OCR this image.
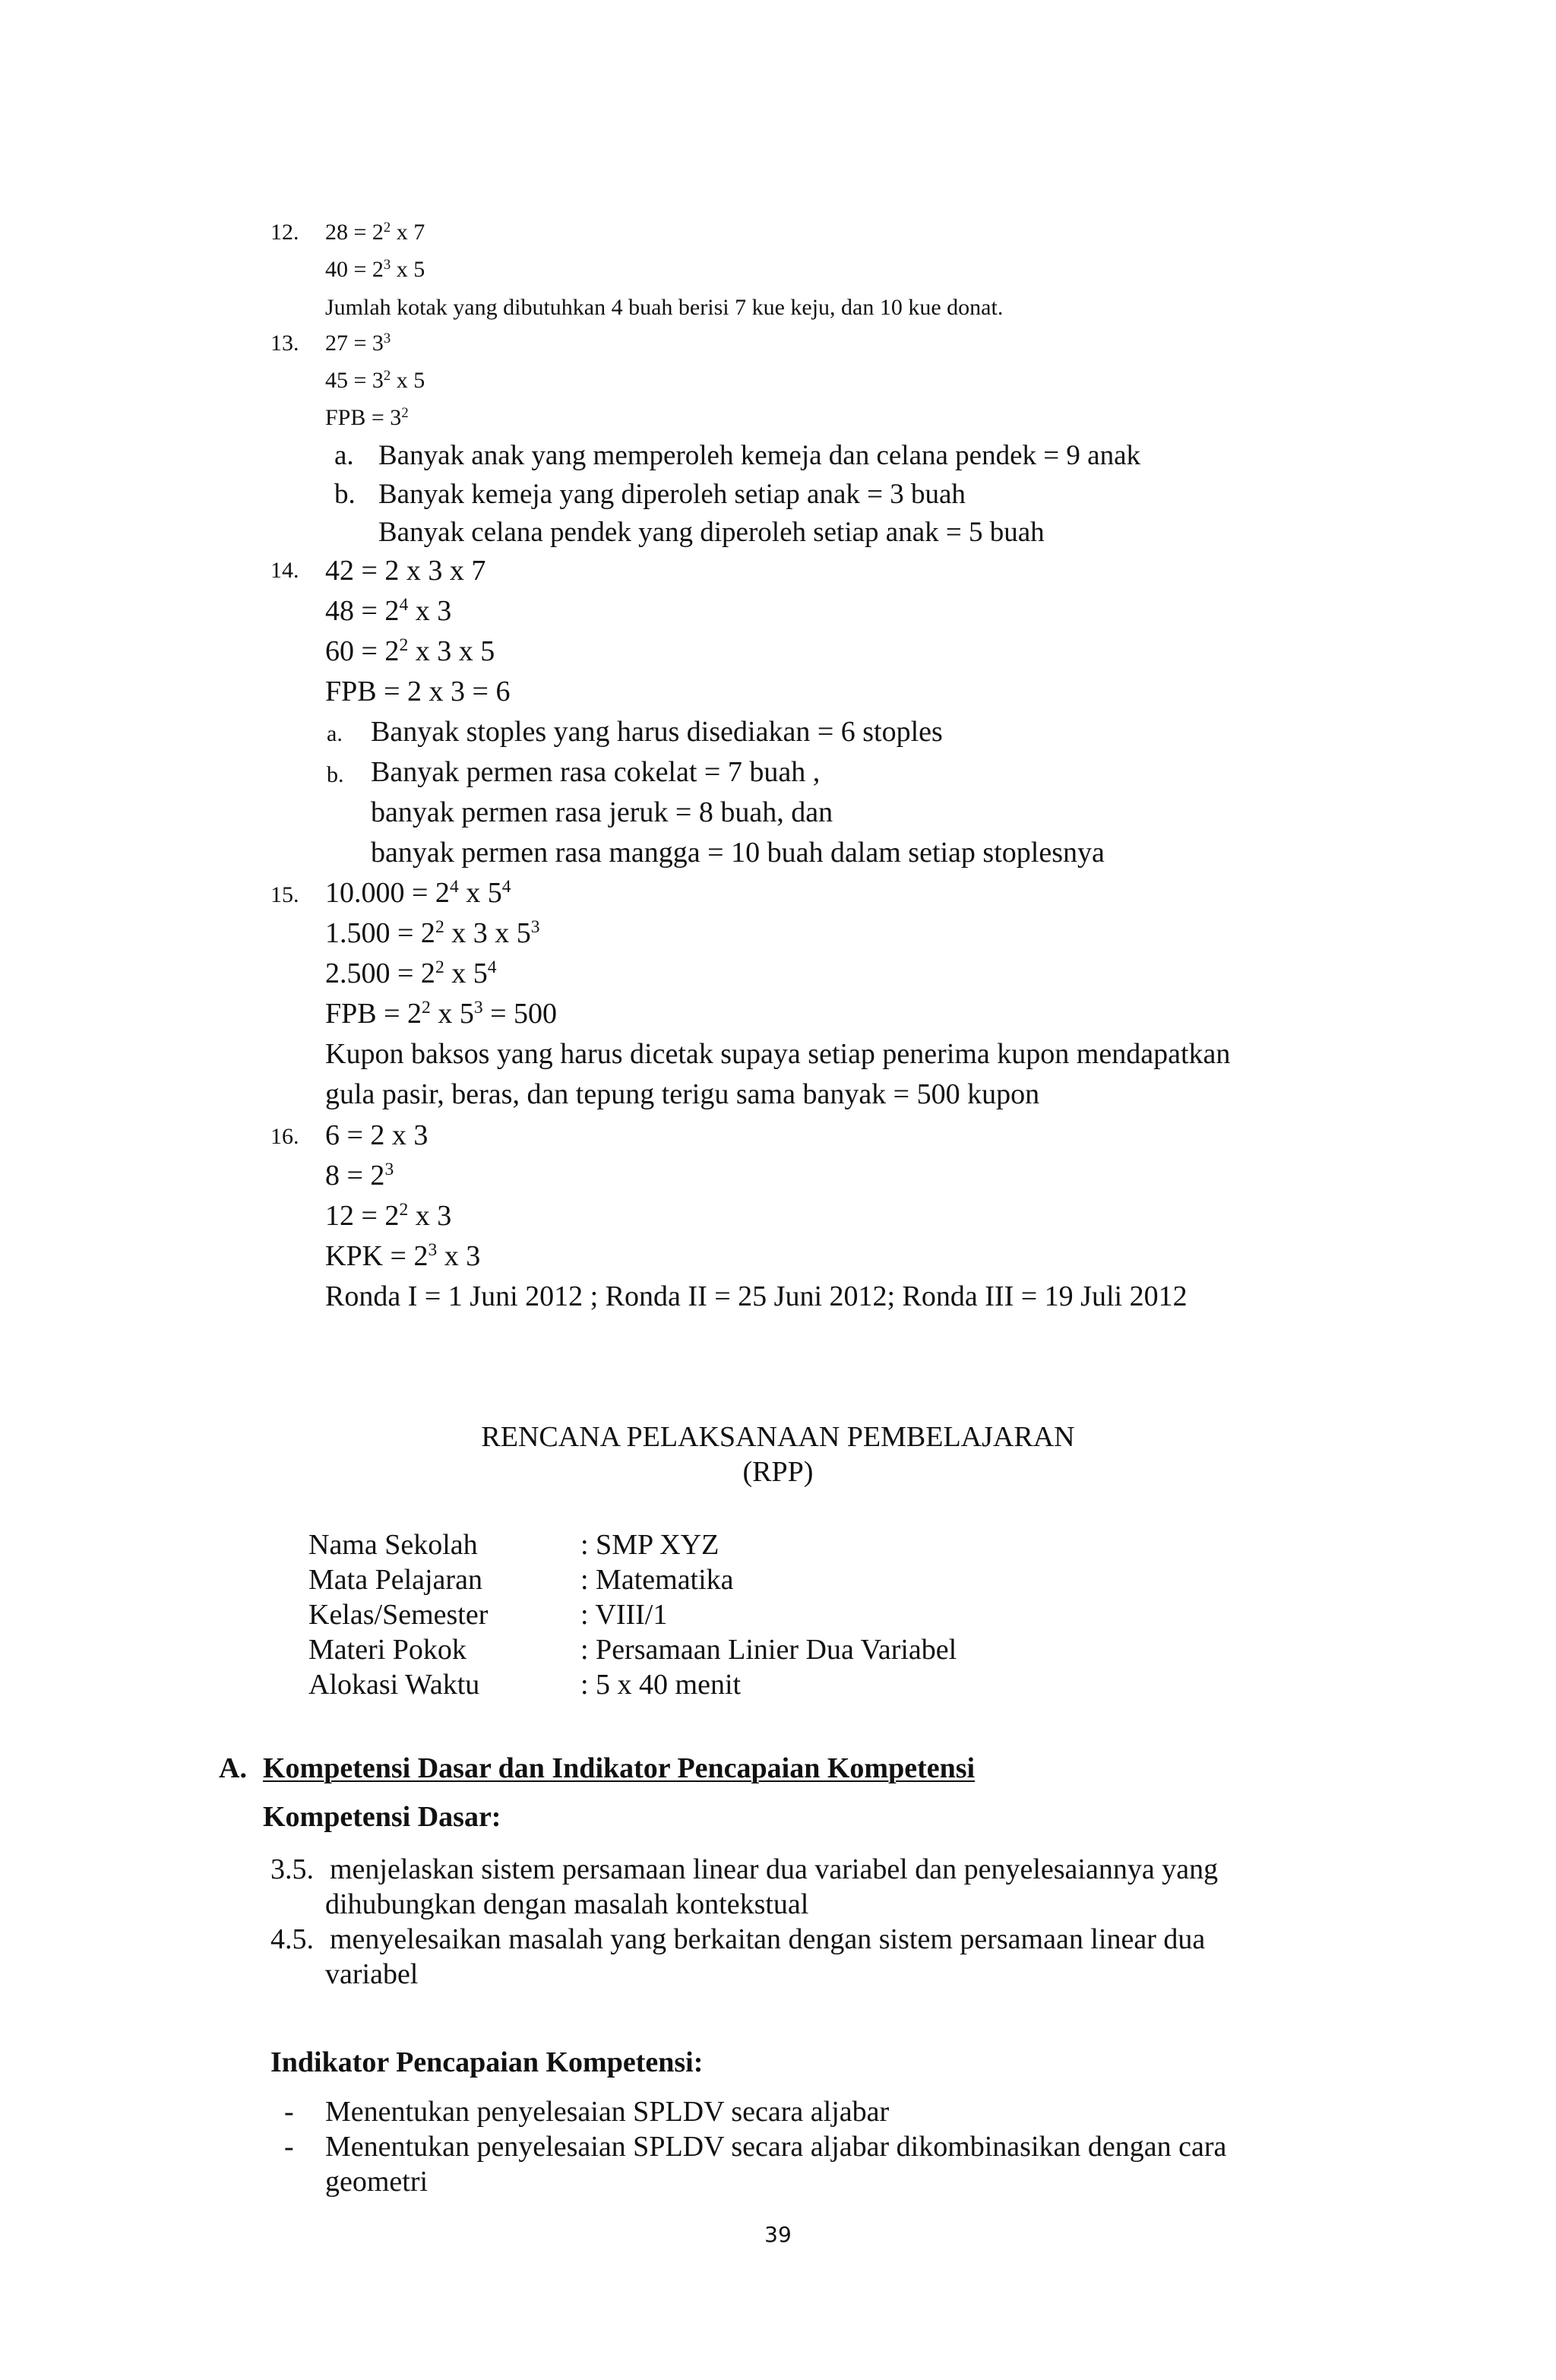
12. $28 = 2^2$ x 7
$40 = 2^3$ x 5
Jumlah kotak yang dibutuhkan 4 buah berisi 7 kue keju, dan 10 kue donat.
13. $27 = 3^3$
$45 = 3^2$ x 5
FPB = $3^2$
a. Banyak anak yang memperoleh kemeja dan celana pendek = 9 anak
b. Banyak kemeja yang diperoleh setiap anak = 3 buah
Banyak celana pendek yang diperoleh setiap anak = 5 buah
14. 42 = 2 x 3 x 7
$48 = 2^4$ x 3
$60 = 2^2$ x 3 x 5
FPB = 2 x 3 = 6
a. Banyak stoples yang harus disediakan = 6 stoples
b. Banyak permen rasa cokelat = 7 buah ,
banyak permen rasa jeruk = 8 buah, dan
banyak permen rasa mangga = 10 buah dalam setiap stoplesnya
15. $10.000 = 2^4$ x $5^4$
$1.500 = 2^2$ x 3 x $5^3$
$2.500 = 2^2$ x $5^4$
FPB = $2^2$ x $5^3 = 500$
Kupon baksos yang harus dicetak supaya setiap penerima kupon mendapatkan
gula pasir, beras, dan tepung terigu sama banyak = 500 kupon
16. 6 = 2 x 3
$8 = 2^3$
$12 = 2^2$ x 3
KPK = $2^3$ x 3
Ronda I = 1 Juni 2012 ; Ronda II = 25 Juni 2012; Ronda III = 19 Juli 2012
RENCANA PELAKSANAAN PEMBELAJARAN
(RPP)
Nama Sekolah	: SMP XYZ
Mata Pelajaran	: Matematika
Kelas/Semester	: VIII/1
Materi Pokok	: Persamaan Linier Dua Variabel
Alokasi Waktu	: 5 x 40 menit
A. Kompetensi Dasar dan Indikator Pencapaian Kompetensi
Kompetensi Dasar:
3.5. menjelaskan sistem persamaan linear dua variabel dan penyelesaiannya yang
dihubungkan dengan masalah kontekstual
4.5. menyelesaikan masalah yang berkaitan dengan sistem persamaan linear dua
variabel
Indikator Pencapaian Kompetensi:
- Menentukan penyelesaian SPLDV secara aljabar
- Menentukan penyelesaian SPLDV secara aljabar dikombinasikan dengan cara
geometri
39
